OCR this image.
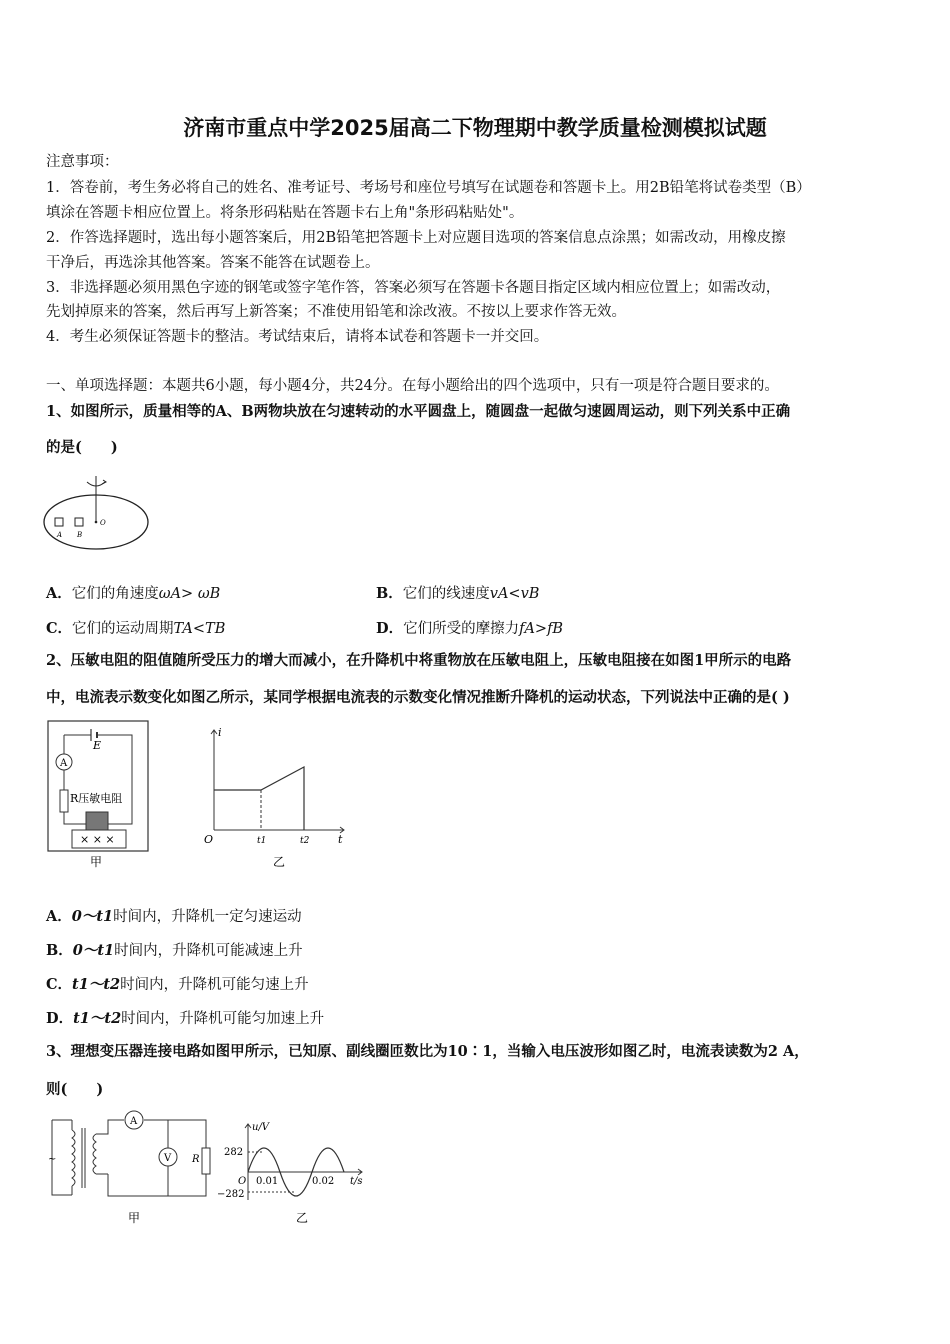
济南市重点中学2025届高二下物理期中教学质量检测模拟试题
注意事项：
1．答卷前，考生务必将自己的姓名、准考证号、考场号和座位号填写在试题卷和答题卡上。用2B铅笔将试卷类型（B）
填涂在答题卡相应位置上。将条形码粘贴在答题卡右上角"条形码粘贴处"。
2．作答选择题时，选出每小题答案后，用2B铅笔把答题卡上对应题目选项的答案信息点涂黑；如需改动，用橡皮擦
干净后，再选涂其他答案。答案不能答在试题卷上。
3．非选择题必须用黑色字迹的钢笔或签字笔作答，答案必须写在答题卡各题目指定区域内相应位置上；如需改动，
先划掉原来的答案，然后再写上新答案；不准使用铅笔和涂改液。不按以上要求作答无效。
4．考生必须保证答题卡的整洁。考试结束后，请将本试卷和答题卡一并交回。
一、单项选择题：本题共6小题，每小题4分，共24分。在每小题给出的四个选项中，只有一项是符合题目要求的。
1、如图所示，质量相等的A、B两物块放在匀速转动的水平圆盘上，随圆盘一起做匀速圆周运动，则下列关系中正确
的是(　　)
A B
O
A．它们的角速度ωA> ωB	B．它们的线速度vA<vB
C．它们的运动周期TA<TB	D．它们所受的摩擦力fA>fB
2、压敏电阻的阻值随所受压力的增大而减小，在升降机中将重物放在压敏电阻上，压敏电阻接在如图1甲所示的电路
中，电流表示数变化如图乙所示，某同学根据电流表的示数变化情况推断升降机的运动状态，下列说法中正确的是( )
E
A
R压敏电阻
× × ×
甲
i
O	t1	t2	t
乙
A．0～t1时间内，升降机一定匀速运动
B．0～t1时间内，升降机可能减速上升
C．t1～t2时间内，升降机可能匀速上升
D．t1～t2时间内，升降机可能匀加速上升
3、理想变压器连接电路如图甲所示，已知原、副线圈匝数比为10∶1，当输入电压波形如图乙时，电流表读数为2 A，
则(　　)
~
A
V R
甲
u/V
282
−282
O 0.01	0.02 t/s
乙
